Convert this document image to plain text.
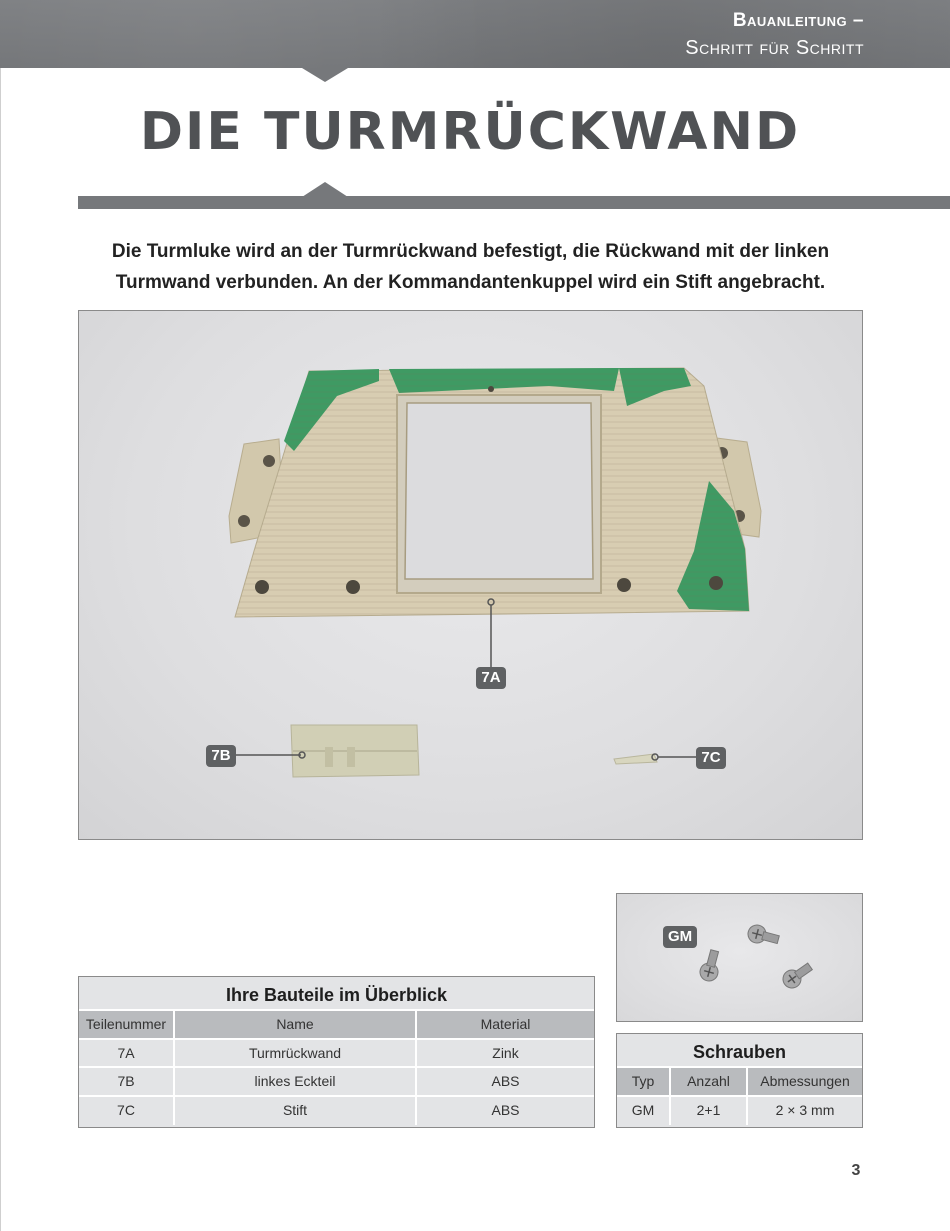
Bauanleitung –
Schritt für Schritt
DIE TURMRÜCKWAND
Die Turmluke wird an der Turmrückwand befestigt, die Rückwand mit der linken
Turmwand verbunden. An der Kommandantenkuppel wird ein Stift angebracht.
7A
7B	7C
GM
Ihre Bauteile im Überblick
Teilenummer	Name	Material
7A	Turmrückwand	Zink
7B	linkes Eckteil	ABS
7C	Stift	ABS
Schrauben
Typ	Anzahl	Abmessungen
GM	2+1	2 × 3 mm
3
